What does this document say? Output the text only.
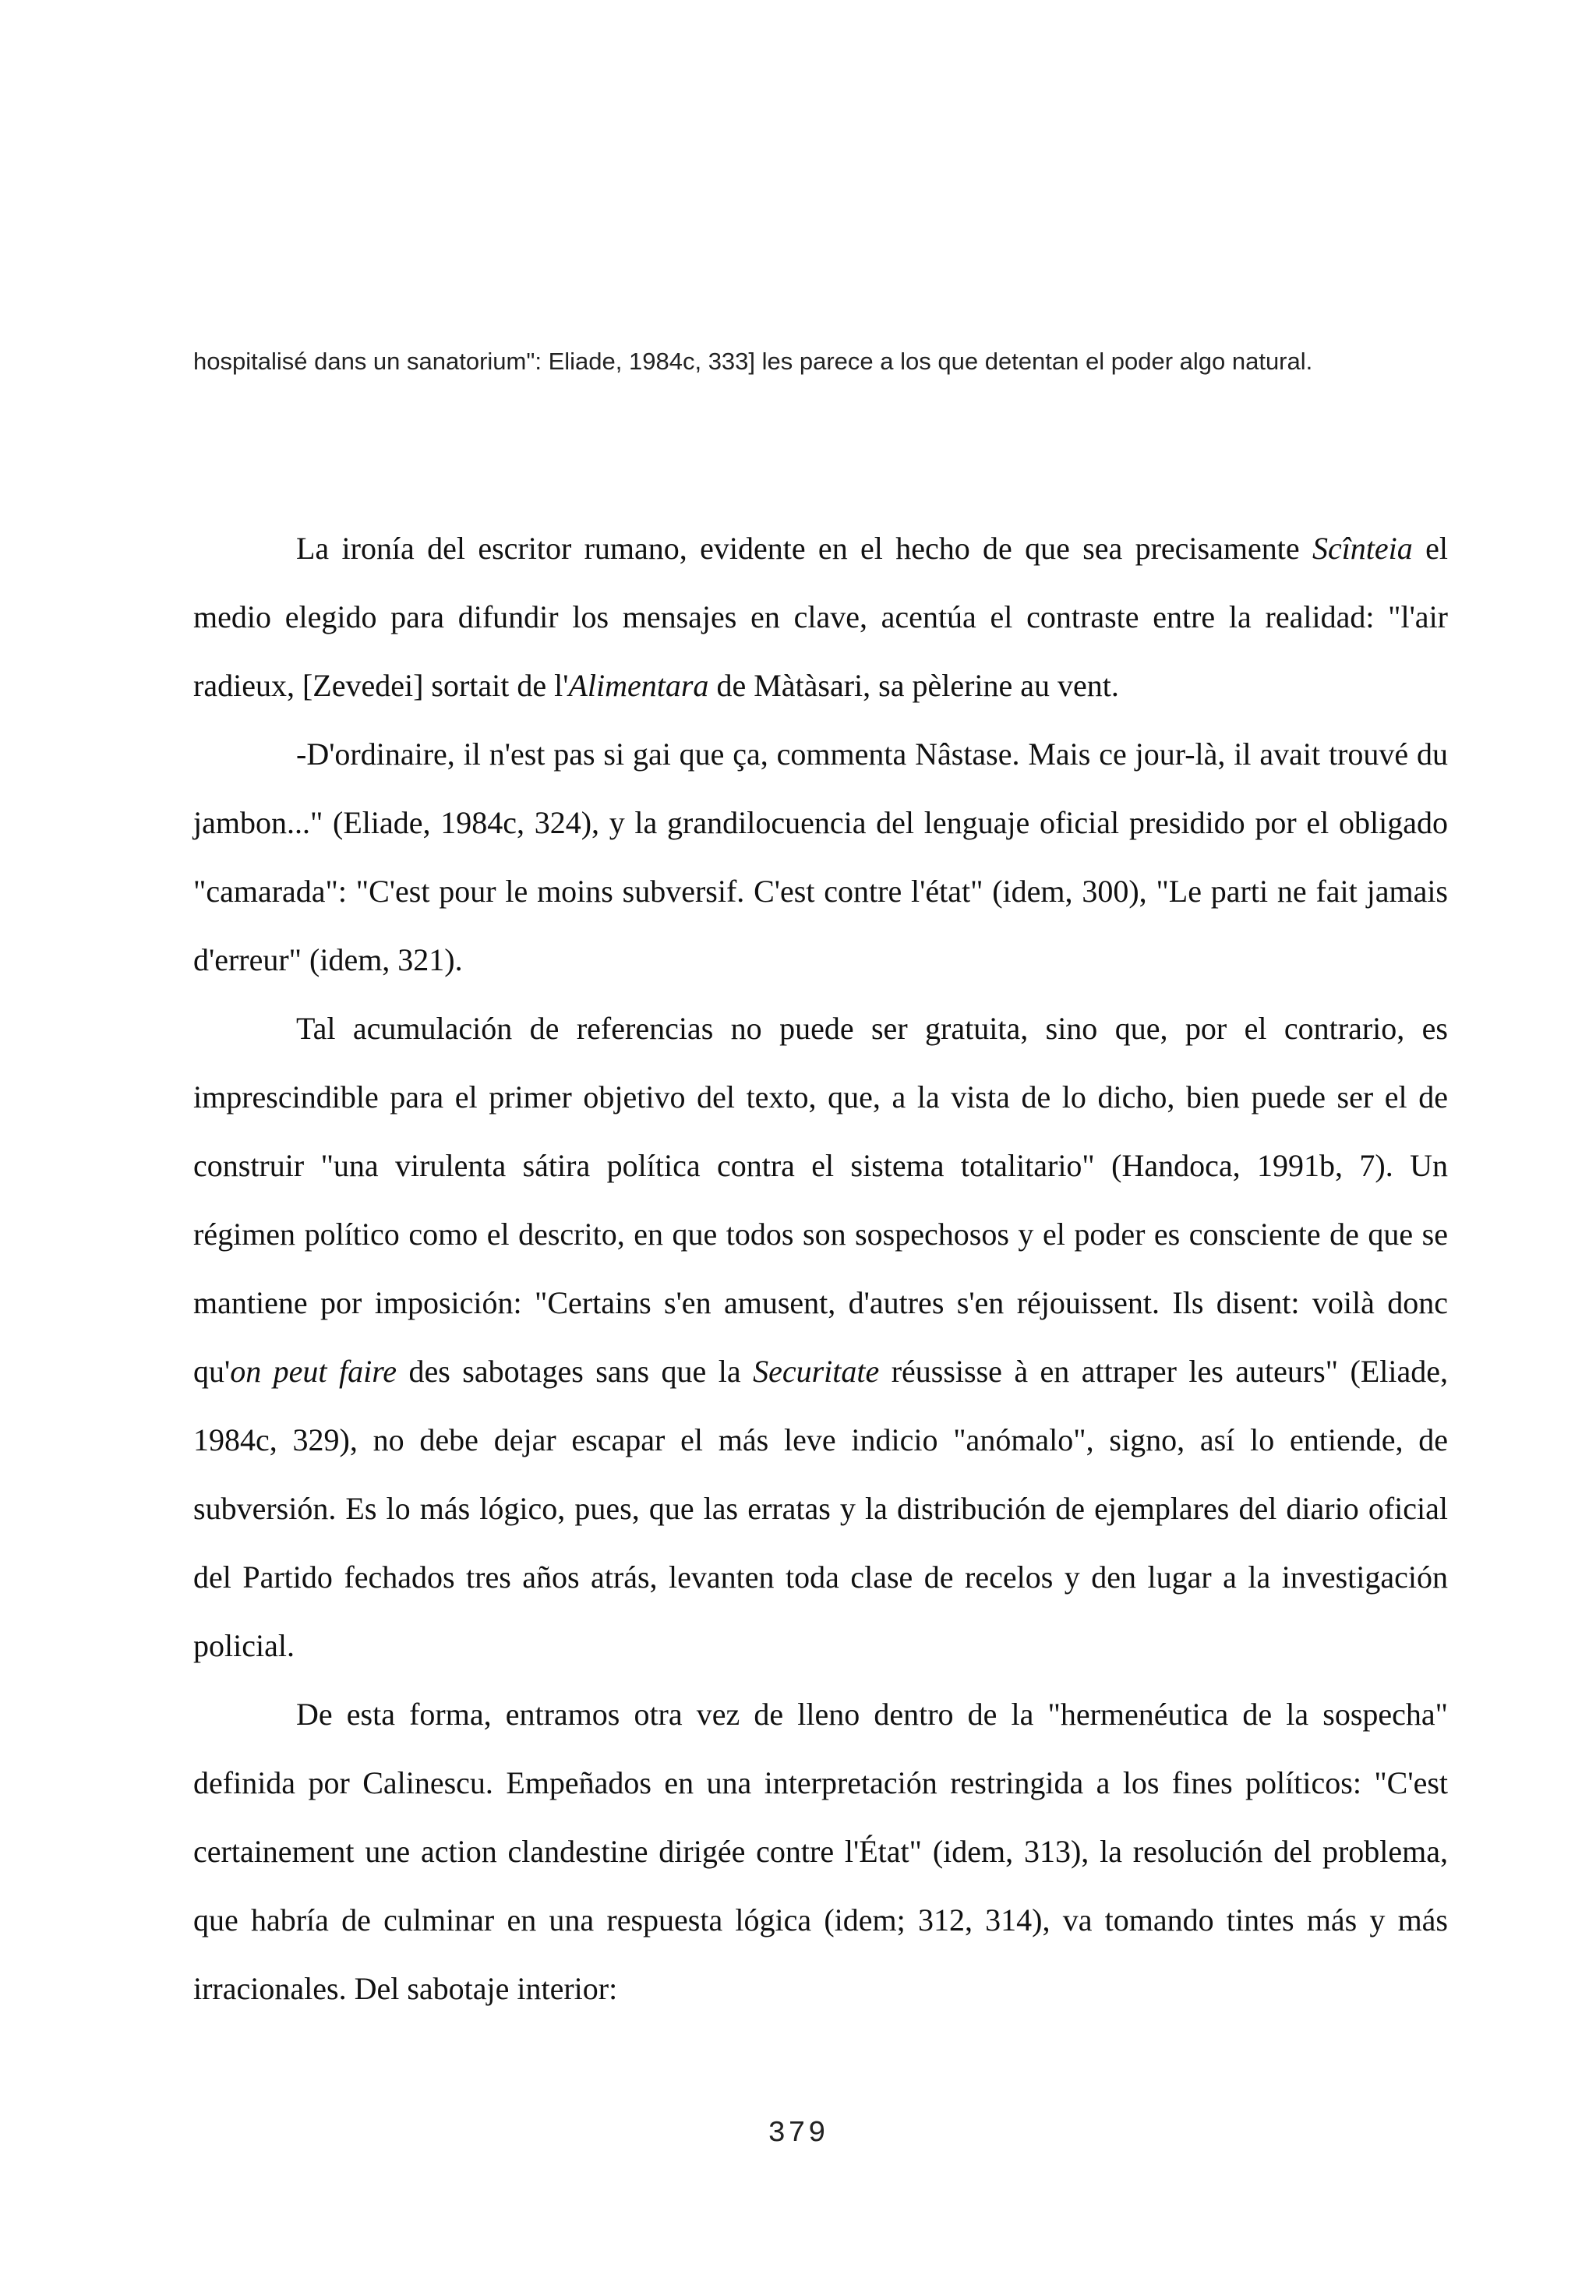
hospitalisé dans un sanatorium": Eliade, 1984c, 333] les parece a los que detentan el poder algo natural.

La ironía del escritor rumano, evidente en el hecho de que sea precisamente Scînteia el medio elegido para difundir los mensajes en clave, acentúa el contraste entre la realidad: "l'air radieux, [Zevedei] sortait de l'Alimentara de Màtàsari, sa pèlerine au vent.

-D'ordinaire, il n'est pas si gai que ça, commenta Nâstase. Mais ce jour-là, il avait trouvé du jambon..." (Eliade, 1984c, 324), y la grandilocuencia del lenguaje oficial presidido por el obligado "camarada": "C'est pour le moins subversif. C'est contre l'état" (idem, 300), "Le parti ne fait jamais d'erreur" (idem, 321).

Tal acumulación de referencias no puede ser gratuita, sino que, por el contrario, es imprescindible para el primer objetivo del texto, que, a la vista de lo dicho, bien puede ser el de construir "una virulenta sátira política contra el sistema totalitario" (Handoca, 1991b, 7). Un régimen político como el descrito, en que todos son sospechosos y el poder es consciente de que se mantiene por imposición: "Certains s'en amusent, d'autres s'en réjouissent. Ils disent: voilà donc qu'on peut faire des sabotages sans que la Securitate réussisse à en attraper les auteurs" (Eliade, 1984c, 329), no debe dejar escapar el más leve indicio "anómalo", signo, así lo entiende, de subversión. Es lo más lógico, pues, que las erratas y la distribución de ejemplares del diario oficial del Partido fechados tres años atrás, levanten toda clase de recelos y den lugar a la investigación policial.

De esta forma, entramos otra vez de lleno dentro de la "hermenéutica de la sospecha" definida por Calinescu. Empeñados en una interpretación restringida a los fines políticos: "C'est certainement une action clandestine dirigée contre l'État" (idem, 313), la resolución del problema, que habría de culminar en una respuesta lógica (idem; 312, 314), va tomando tintes más y más irracionales. Del sabotaje interior:

379
